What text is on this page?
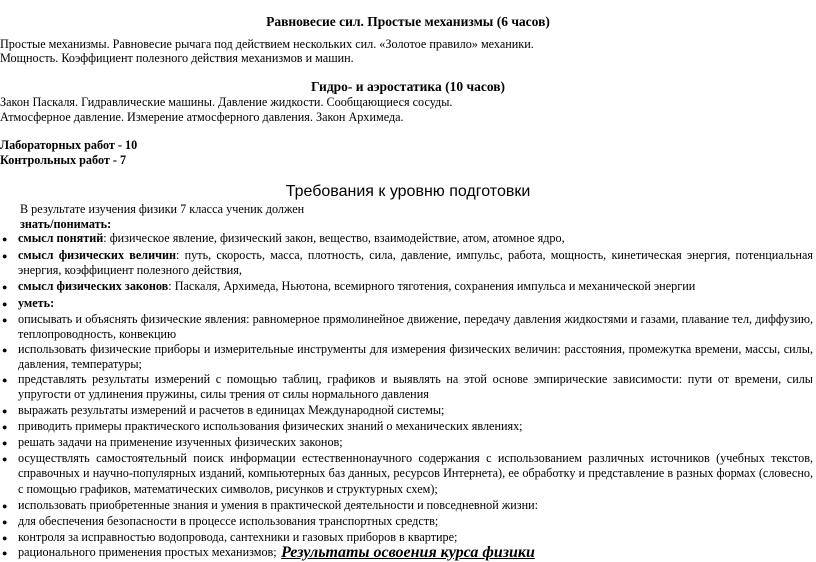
Равновесие сил. Простые механизмы (6 часов)
Простые механизмы. Равновесие рычага под действием нескольких сил. «Золотое правило» механики.
Мощность. Коэффициент полезного действия механизмов и машин.
Гидро- и аэростатика (10 часов)
Закон Паскаля. Гидравлические машины. Давление жидкости. Сообщающиеся сосуды.
Атмосферное давление. Измерение атмосферного давления. Закон Архимеда.
Лабораторных работ - 10
Контрольных работ - 7
Требования к уровню подготовки
В результате изучения физики 7 класса ученик должен
знать/понимать:
● смысл понятий: физическое явление, физический закон, вещество, взаимодействие, атом, атомное ядро,
● смысл физических величин: путь, скорость, масса, плотность, сила, давление, импульс, работа, мощность, кинетическая энергия, потенциальная энергия, коэффициент полезного действия,
● смысл физических законов: Паскаля, Архимеда, Ньютона, всемирного тяготения, сохранения импульса и механической энергии
● уметь:
● описывать и объяснять физические явления: равномерное прямолинейное движение, передачу давления жидкостями и газами, плавание тел, диффузию, теплопроводность, конвекцию
● использовать физические приборы и измерительные инструменты для измерения физических величин: расстояния, промежутка времени, массы, силы, давления, температуры;
● представлять результаты измерений с помощью таблиц, графиков и выявлять на этой основе эмпирические зависимости: пути от времени, силы упругости от удлинения пружины, силы трения от силы нормального давления
● выражать результаты измерений и расчетов в единицах Международной системы;
● приводить примеры практического использования физических знаний о механических явлениях;
● решать задачи на применение изученных физических законов;
● осуществлять самостоятельный поиск информации естественнонаучного содержания с использованием различных источников (учебных текстов, справочных и научно-популярных изданий, компьютерных баз данных, ресурсов Интернета), ее обработку и представление в разных формах (словесно, с помощью графиков, математических символов, рисунков и структурных схем);
● использовать приобретенные знания и умения в практической деятельности и повседневной жизни:
● для обеспечения безопасности в процессе использования транспортных средств;
● контроля за исправностью водопровода, сантехники и газовых приборов в квартире;
● рационального применения простых механизмов; Результаты освоения курса физики
